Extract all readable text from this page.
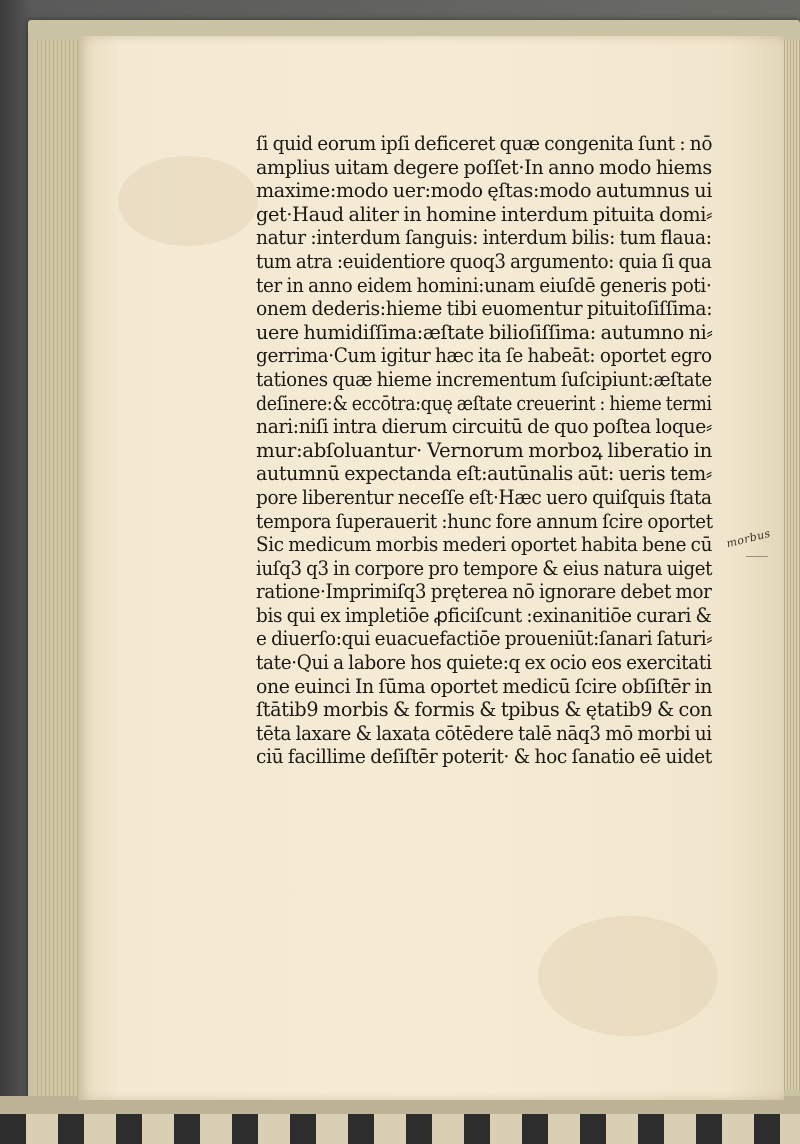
ſi quid eorum ipſi deficeret quæ congenita ſunt : nō
amplius uitam degere poſſet·In anno modo hiems
maxime:modo uer:modo ęſtas:modo autumnus ui
get·Haud aliter in homine interdum pituita domi⸗
natur :interdum ſanguis: interdum bilis: tum flaua:
tum atra :euidentiore quoq3 argumento: quia ſi qua
ter in anno eidem homini:unam eiuſdē generis poti·
onem dederis:hieme tibi euomentur pituitoſiſſima:
uere humidiſſima:æſtate bilioſiſſima: autumno ni⸗
gerrima·Cum igitur hæc ita ſe habeāt: oportet egro
tationes quæ hieme incrementum ſuſcipiunt:æſtate
deſinere:& eccōtra:quę æſtate creuerint : hieme termi
nari:niſi intra dierum circuitū de quo poſtea loque⸗
mur:abſoluantur· Vernorum morboꝝ liberatio in
autumnū expectanda eſt:autūnalis aūt: ueris tem⸗
pore liberentur neceſſe eſt·Hæc uero quiſquis ſtata
tempora ſuperauerit :hunc fore annum ſcire oportet
Sic medicum morbis mederi oportet habita bene cū
iuſq3 q3 in corpore pro tempore & eius natura uiget
ratione·Imprimiſq3 pręterea nō ignorare debet mor
bis qui ex impletiōe ꝓficiſcunt :exinanitiōe curari &
e diuerſo:qui euacuefactiōe proueniūt:ſanari ſaturi⸗
tate·Qui a labore hos quiete:q ex ocio eos exercitati
one euinci In ſūma oportet medicū ſcire obſiſtēr in
ſtātib9 morbis & formis & tpibus & ętatib9 & con
tēta laxare & laxata cōtēdere talē nāq3 mō morbi ui
ciū facillime deſiſtēr poterit· & hoc ſanatio eē uidet
morbus
